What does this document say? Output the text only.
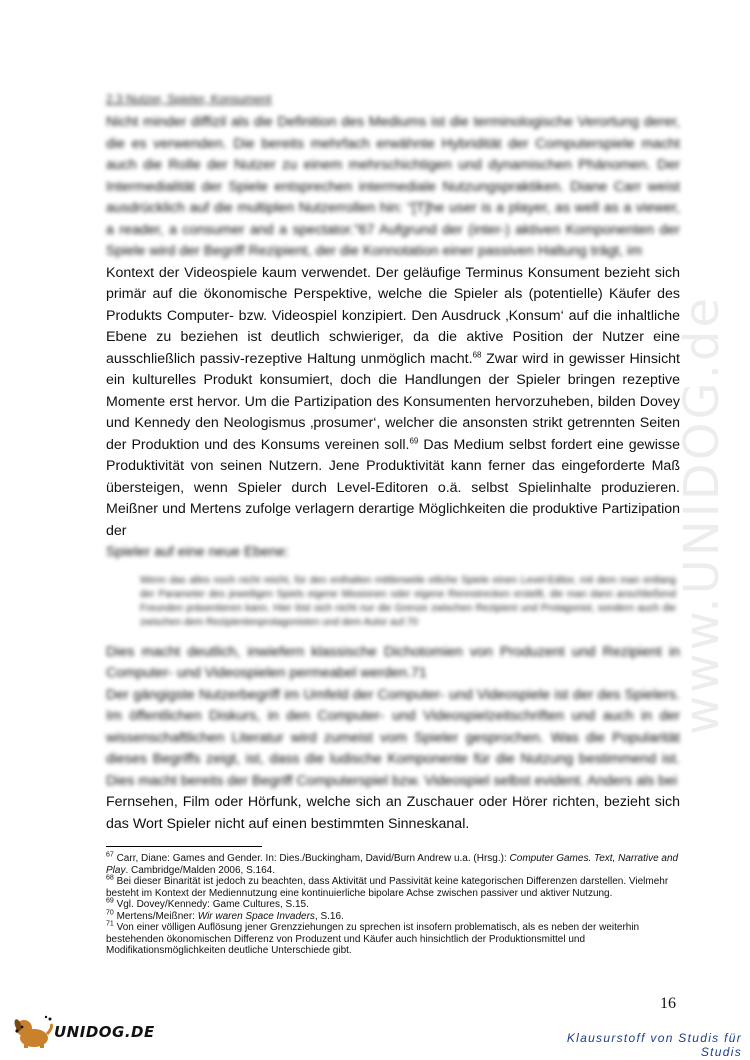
www.UNIDOG.de
2.3 Nutzer, Spieler, Konsument

Nicht minder diffizil als die Definition des Mediums ist die terminologische Verortung derer, die es verwenden. Die bereits mehrfach erwähnte Hybridität der Computerspiele macht auch die Rolle der Nutzer zu einem mehrschichtigen und dynamischen Phänomen. Der Intermedialität der Spiele entsprechen intermediale Nutzungspraktiken. Diane Carr weist ausdrücklich auf die multiplen Nutzerrollen hin: “[T]he user is a player, as well as a viewer, a reader, a consumer and a spectator.”67 Aufgrund der (inter-) aktiven Komponenten der Spiele wird der Begriff Rezipient, der die Konnotation einer passiven Haltung trägt, im

Kontext der Videospiele kaum verwendet. Der geläufige Terminus Konsument bezieht sich primär auf die ökonomische Perspektive, welche die Spieler als (potentielle) Käufer des Produkts Computer- bzw. Videospiel konzipiert. Den Ausdruck ‚Konsum‘ auf die inhaltliche Ebene zu beziehen ist deutlich schwieriger, da die aktive Position der Nutzer eine ausschließlich passiv-rezeptive Haltung unmöglich macht.$^{68}$ Zwar wird in gewisser Hinsicht ein kulturelles Produkt konsumiert, doch die Handlungen der Spieler bringen rezeptive Momente erst hervor. Um die Partizipation des Konsumenten hervorzuheben, bilden Dovey und Kennedy den Neologismus ‚prosumer‘, welcher die ansonsten strikt getrennten Seiten der Produktion und des Konsums vereinen soll.$^{69}$ Das Medium selbst fordert eine gewisse Produktivität von seinen Nutzern. Jene Produktivität kann ferner das eingeforderte Maß übersteigen, wenn Spieler durch Level-Editoren o.ä. selbst Spielinhalte produzieren. Meißner und Mertens zufolge verlagern derartige Möglichkeiten die produktive Partizipation der

Spieler auf eine neue Ebene:

Wenn das alles noch nicht reicht, für den enthalten mittlerweile etliche Spiele einen Level-Editor, mit dem man entlang der Parameter des jeweiligen Spiels eigene Missionen oder eigene Rennstrecken erstellt, die man dann anschließend Freunden präsentieren kann. Hier löst sich nicht nur die Grenze zwischen Rezipient und Protagonist, sondern auch die zwischen dem Rezipientenprotagonisten und dem Autor auf.70

Dies macht deutlich, inwiefern klassische Dichotomien von Produzent und Rezipient in Computer- und Videospielen permeabel werden.71

Der gängigste Nutzerbegriff im Umfeld der Computer- und Videospiele ist der des Spielers. Im öffentlichen Diskurs, in den Computer- und Videospielzeitschriften und auch in der wissenschaftlichen Literatur wird zumeist vom Spieler gesprochen. Was die Popularität dieses Begriffs zeigt, ist, dass die ludische Komponente für die Nutzung bestimmend ist. Dies macht bereits der Begriff Computerspiel bzw. Videospiel selbst evident. Anders als bei

Fernsehen, Film oder Hörfunk, welche sich an Zuschauer oder Hörer richten, bezieht sich das Wort Spieler nicht auf einen bestimmten Sinneskanal.

$^{67}$ Carr, Diane: Games and Gender. In: Dies./Buckingham, David/Burn Andrew u.a. (Hrsg.): Computer Games. Text, Narrative and Play. Cambridge/Malden 2006, S.164.

$^{68}$ Bei dieser Binarität ist jedoch zu beachten, dass Aktivität und Passivität keine kategorischen Differenzen darstellen. Vielmehr besteht im Kontext der Mediennutzung eine kontinuierliche bipolare Achse zwischen passiver und aktiver Nutzung.

$^{69}$ Vgl. Dovey/Kennedy: Game Cultures, S.15.

$^{70}$ Mertens/Meißner: Wir waren Space Invaders, S.16.

$^{71}$ Von einer völligen Auflösung jener Grenzziehungen zu sprechen ist insofern problematisch, als es neben der weiterhin bestehenden ökonomischen Differenz von Produzent und Käufer auch hinsichtlich der Produktionsmittel und Modifikationsmöglichkeiten deutliche Unterschiede gibt.

16
UNIDOG.DE	Klausurstoff von Studis für Studis
